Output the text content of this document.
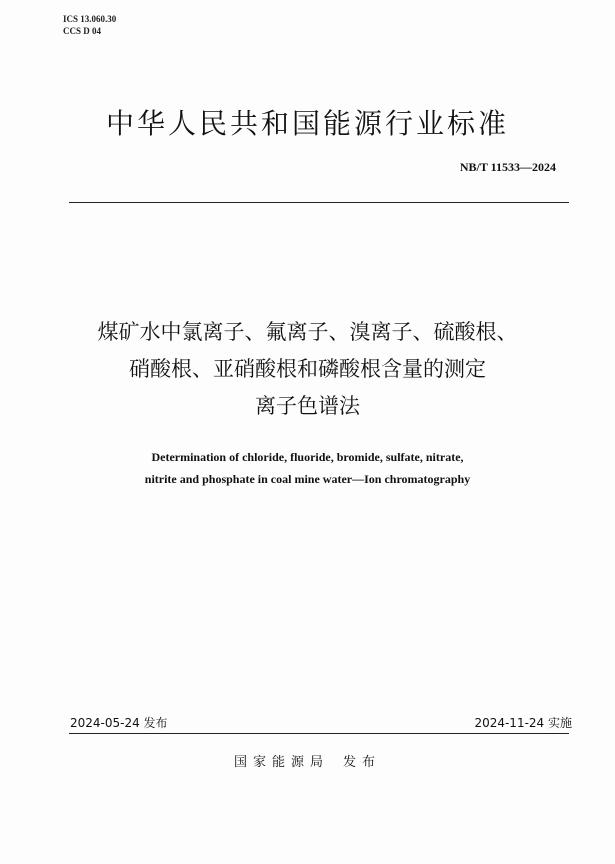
ICS 13.060.30
CCS D 04
中华人民共和国能源行业标准
NB/T 11533—2024
煤矿水中氯离子、氟离子、溴离子、硫酸根、
硝酸根、亚硝酸根和磷酸根含量的测定
离子色谱法
Determination of chloride, fluoride, bromide, sulfate, nitrate,
nitrite and phosphate in coal mine water—Ion chromatography
2024-05-24 发布	2024-11-24 实施
国家能源局 发布
